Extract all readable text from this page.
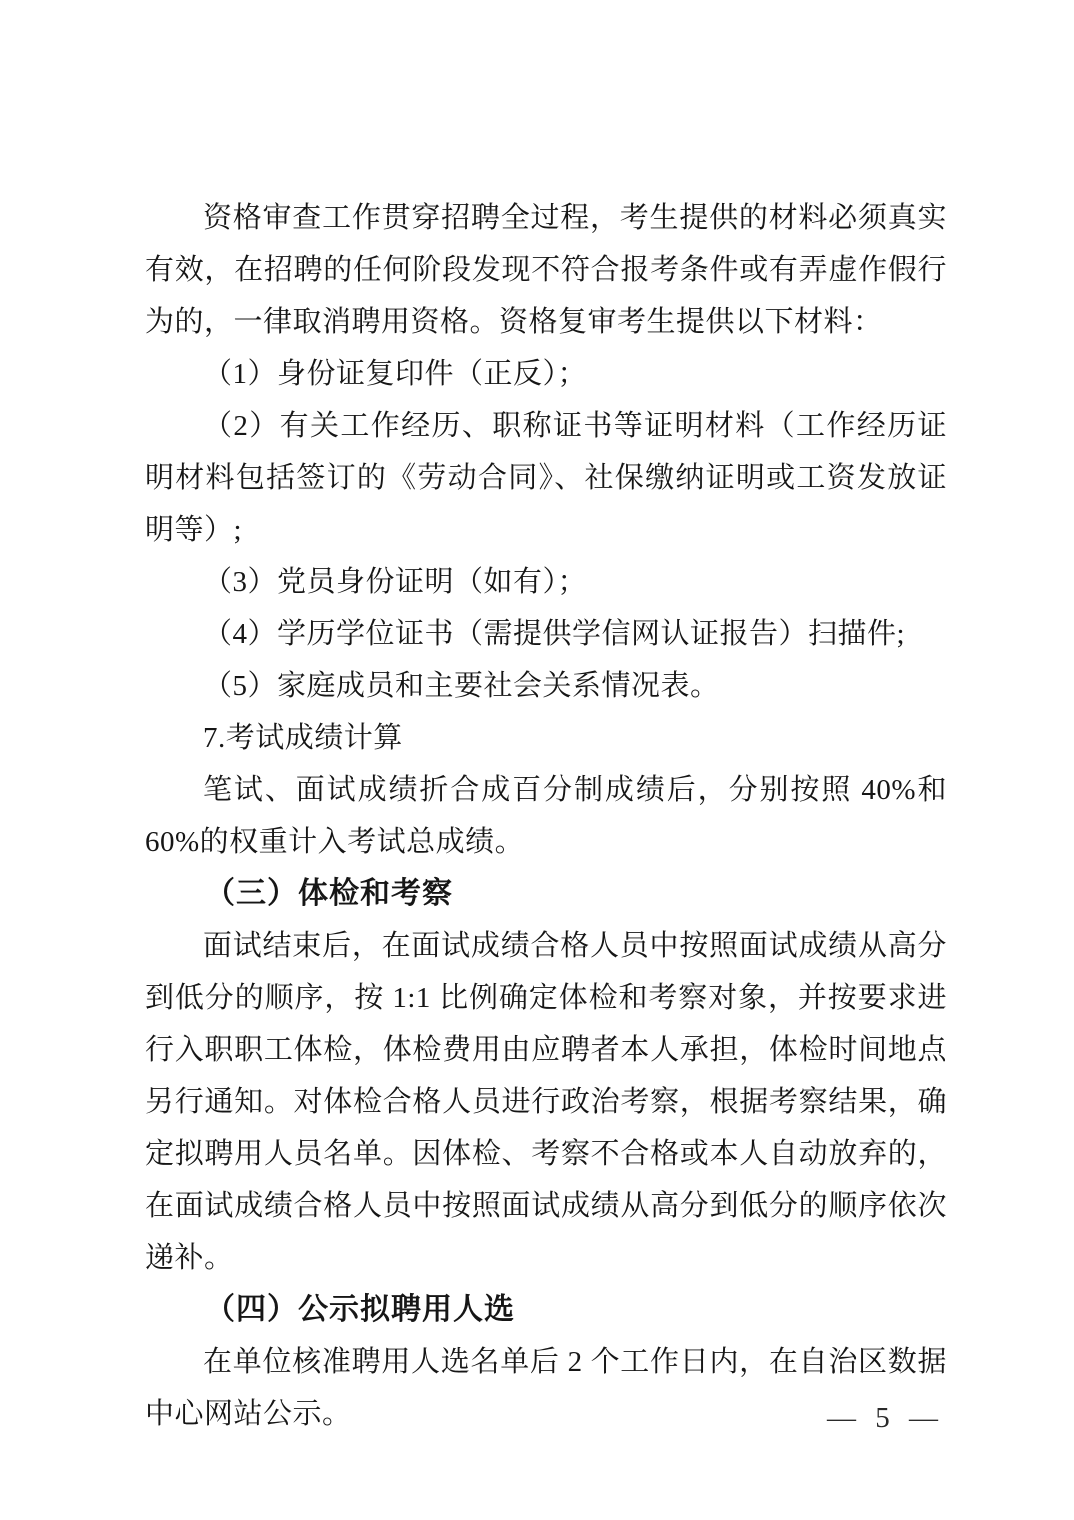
资格审查工作贯穿招聘全过程，考生提供的材料必须真实有效，在招聘的任何阶段发现不符合报考条件或有弄虚作假行为的，一律取消聘用资格。资格复审考生提供以下材料：

（1）身份证复印件（正反）；

（2）有关工作经历、职称证书等证明材料（工作经历证明材料包括签订的《劳动合同》、社保缴纳证明或工资发放证明等）;

（3）党员身份证明（如有）；

（4）学历学位证书（需提供学信网认证报告）扫描件;

（5）家庭成员和主要社会关系情况表。

7.考试成绩计算

笔试、面试成绩折合成百分制成绩后，分别按照 40%和 60%的权重计入考试总成绩。

（三）体检和考察

面试结束后，在面试成绩合格人员中按照面试成绩从高分到低分的顺序，按 1:1 比例确定体检和考察对象，并按要求进行入职职工体检，体检费用由应聘者本人承担，体检时间地点另行通知。对体检合格人员进行政治考察，根据考察结果，确定拟聘用人员名单。因体检、考察不合格或本人自动放弃的，在面试成绩合格人员中按照面试成绩从高分到低分的顺序依次递补。

（四）公示拟聘用人选

在单位核准聘用人选名单后 2 个工作日内，在自治区数据中心网站公示。	— 5 —
